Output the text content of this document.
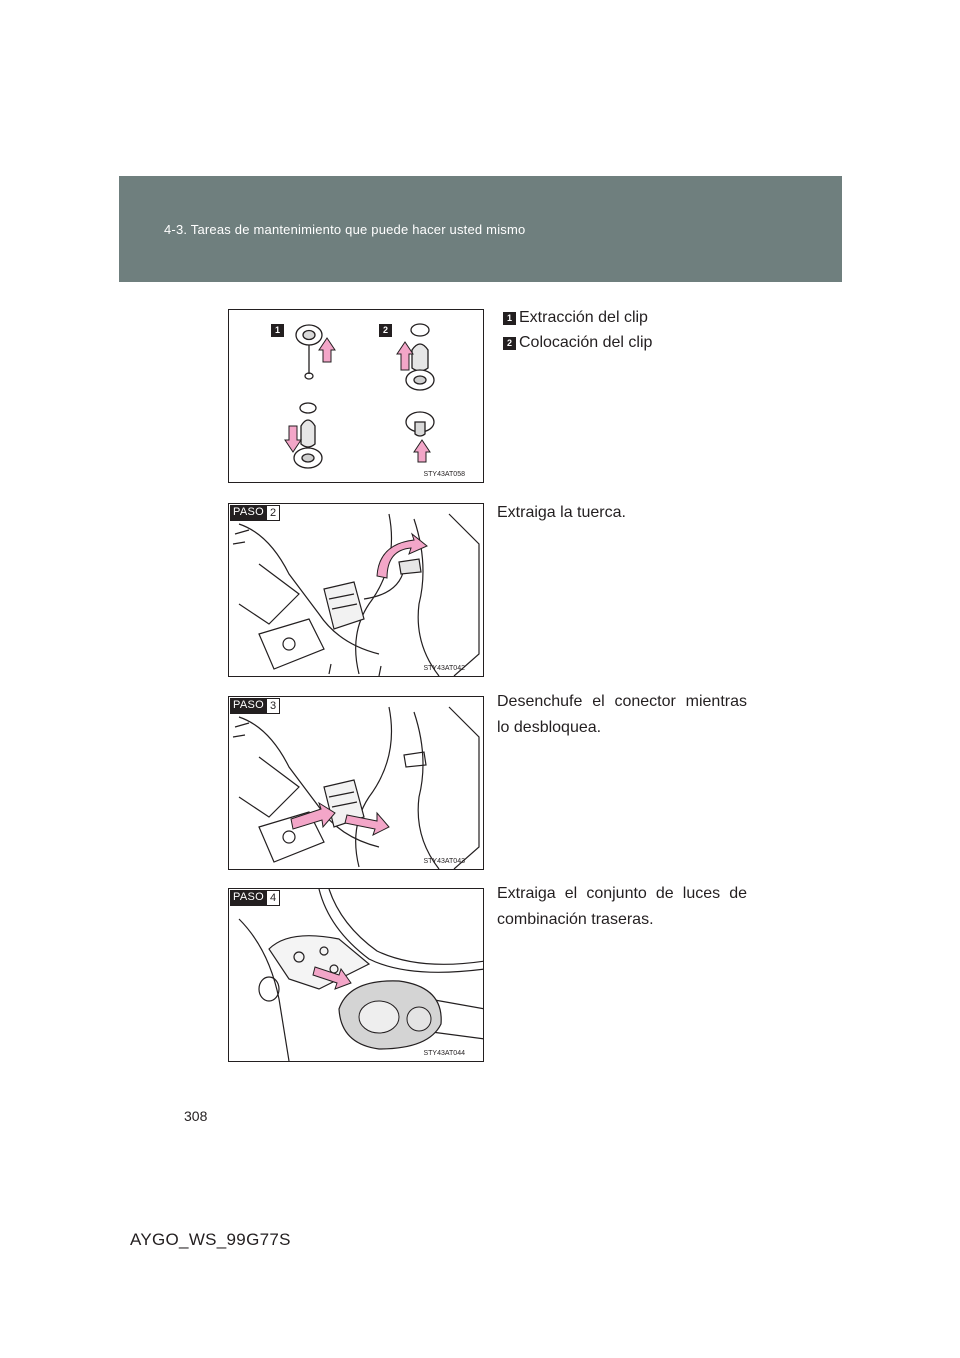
4-3. Tareas de mantenimiento que puede hacer usted mismo
1	2
STY43AT058
1 Extracción del clip
2 Colocación del clip
PASO 2
STY43AT042
Extraiga la tuerca.
PASO 3
STY43AT043
Desenchufe el conector mientras lo desbloquea.
PASO 4
STY43AT044
Extraiga el conjunto de luces de combinación traseras.
308
AYGO_WS_99G77S
